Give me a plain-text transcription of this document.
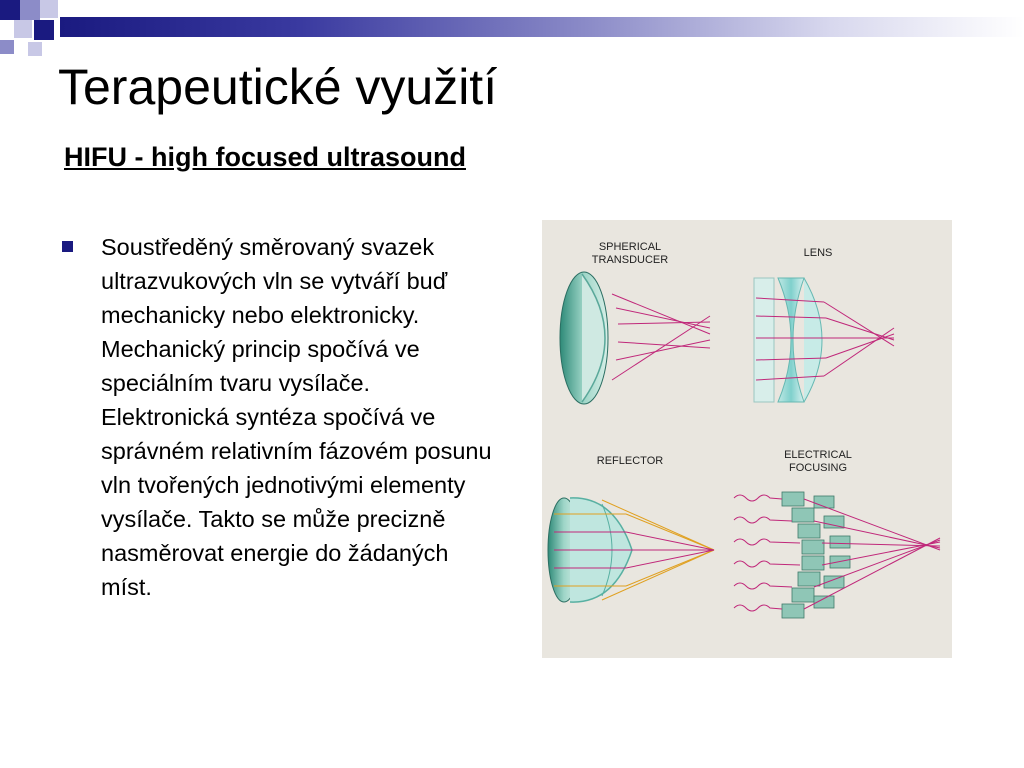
Terapeutické využití
HIFU - high focused ultrasound

Soustředěný směrovaný svazek ultrazvukových vln se vytváří buď mechanicky nebo elektronicky. Mechanický princip spočívá ve speciálním tvaru vysílače. Elektronická syntéza spočívá ve správném relativním fázovém posunu vln tvořených jednotivými elementy vysílače. Takto se může precizně nasměrovat energie do žádaných míst.

SPHERICAL
TRANSDUCER
LENS
REFLECTOR	ELECTRICAL
FOCUSING
